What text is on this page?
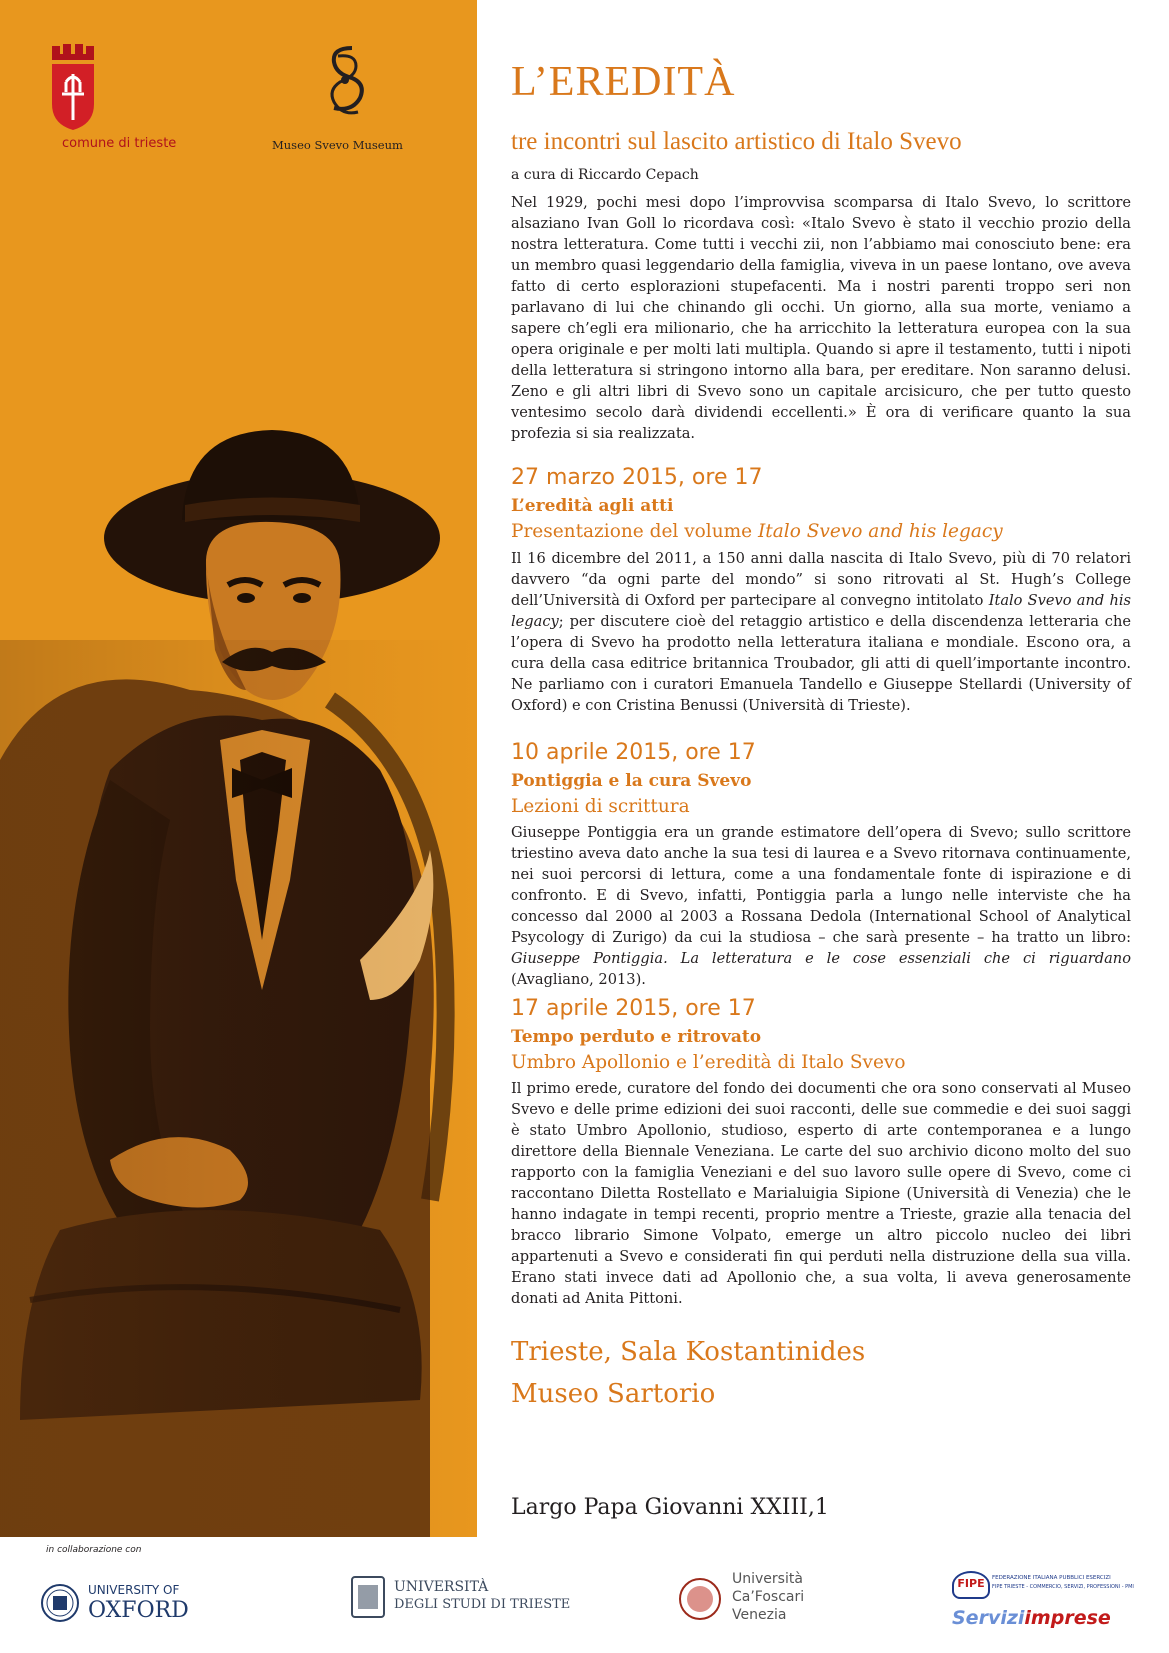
comune di trieste	Museo Svevo Museum
L’EREDITÀ
tre incontri sul lascito artistico di Italo Svevo
a cura di Riccardo Cepach

Nel 1929, pochi mesi dopo l’improvvisa scomparsa di Italo Svevo, lo scrittore alsaziano Ivan Goll lo ricordava così: «Italo Svevo è stato il vecchio prozio della nostra letteratura. Come tutti i vecchi zii, non l’abbiamo mai conosciuto bene: era un membro quasi leggendario della famiglia, viveva in un paese lontano, ove aveva fatto di certo esplorazioni stupefacenti. Ma i nostri parenti troppo seri non parlavano di lui che chinando gli occhi. Un giorno, alla sua morte, veniamo a sapere ch’egli era milionario, che ha arricchito la letteratura europea con la sua opera originale e per molti lati multipla. Quando si apre il testamento, tutti i nipoti della letteratura si stringono intorno alla bara, per ereditare. Non saranno delusi. Zeno e gli altri libri di Svevo sono un capitale arcisicuro, che per tutto questo ventesimo secolo darà dividendi eccellenti.» È ora di verificare quanto la sua profezia si sia realizzata.

27 marzo 2015, ore 17
L’eredità agli atti
Presentazione del volume Italo Svevo and his legacy

Il 16 dicembre del 2011, a 150 anni dalla nascita di Italo Svevo, più di 70 relatori davvero “da ogni parte del mondo” si sono ritrovati al St. Hugh’s College dell’Università di Oxford per partecipare al convegno intitolato Italo Svevo and his legacy; per discutere cioè del retaggio artistico e della discendenza letteraria che l’opera di Svevo ha prodotto nella letteratura italiana e mondiale. Escono ora, a cura della casa editrice britannica Troubador, gli atti di quell’importante incontro. Ne parliamo con i curatori Emanuela Tandello e Giuseppe Stellardi (University of Oxford) e con Cristina Benussi (Università di Trieste).

10 aprile 2015, ore 17
Pontiggia e la cura Svevo
Lezioni di scrittura

Giuseppe Pontiggia era un grande estimatore dell’opera di Svevo; sullo scrittore triestino aveva dato anche la sua tesi di laurea e a Svevo ritornava continuamente, nei suoi percorsi di lettura, come a una fondamentale fonte di ispirazione e di confronto. E di Svevo, infatti, Pontiggia parla a lungo nelle interviste che ha concesso dal 2000 al 2003 a Rossana Dedola (International School of Analytical Psycology di Zurigo) da cui la studiosa – che sarà presente – ha tratto un libro: Giuseppe Pontiggia. La letteratura e le cose essenziali che ci riguardano (Avagliano, 2013).

17 aprile 2015, ore 17
Tempo perduto e ritrovato
Umbro Apollonio e l’eredità di Italo Svevo

Il primo erede, curatore del fondo dei documenti che ora sono conservati al Museo Svevo e delle prime edizioni dei suoi racconti, delle sue commedie e dei suoi saggi è stato Umbro Apollonio, studioso, esperto di arte contemporanea e a lungo direttore della Biennale Veneziana. Le carte del suo archivio dicono molto del suo rapporto con la famiglia Veneziani e del suo lavoro sulle opere di Svevo, come ci raccontano Diletta Rostellato e Marialuigia Sipione (Università di Venezia) che le hanno indagate in tempi recenti, proprio mentre a Trieste, grazie alla tenacia del bracco librario Simone Volpato, emerge un altro piccolo nucleo dei libri appartenuti a Svevo e considerati fin qui perduti nella distruzione della sua villa. Erano stati invece dati ad Apollonio che, a sua volta, li aveva generosamente donati ad Anita Pittoni.

Trieste, Sala Kostantinides
Museo Sartorio
Largo Papa Giovanni XXIII,1
in collaborazione con
UNIVERSITY OF
OXFORD
UNIVERSITÀ
DEGLI STUDI DI TRIESTE
Università
Ca’Foscari
Venezia
FIPE	FEDERAZIONE ITALIANA PUBBLICI ESERCIZI
FIPE TRIESTE - COMMERCIO, SERVIZI, PROFESSIONI - PMI
Serviziimprese
